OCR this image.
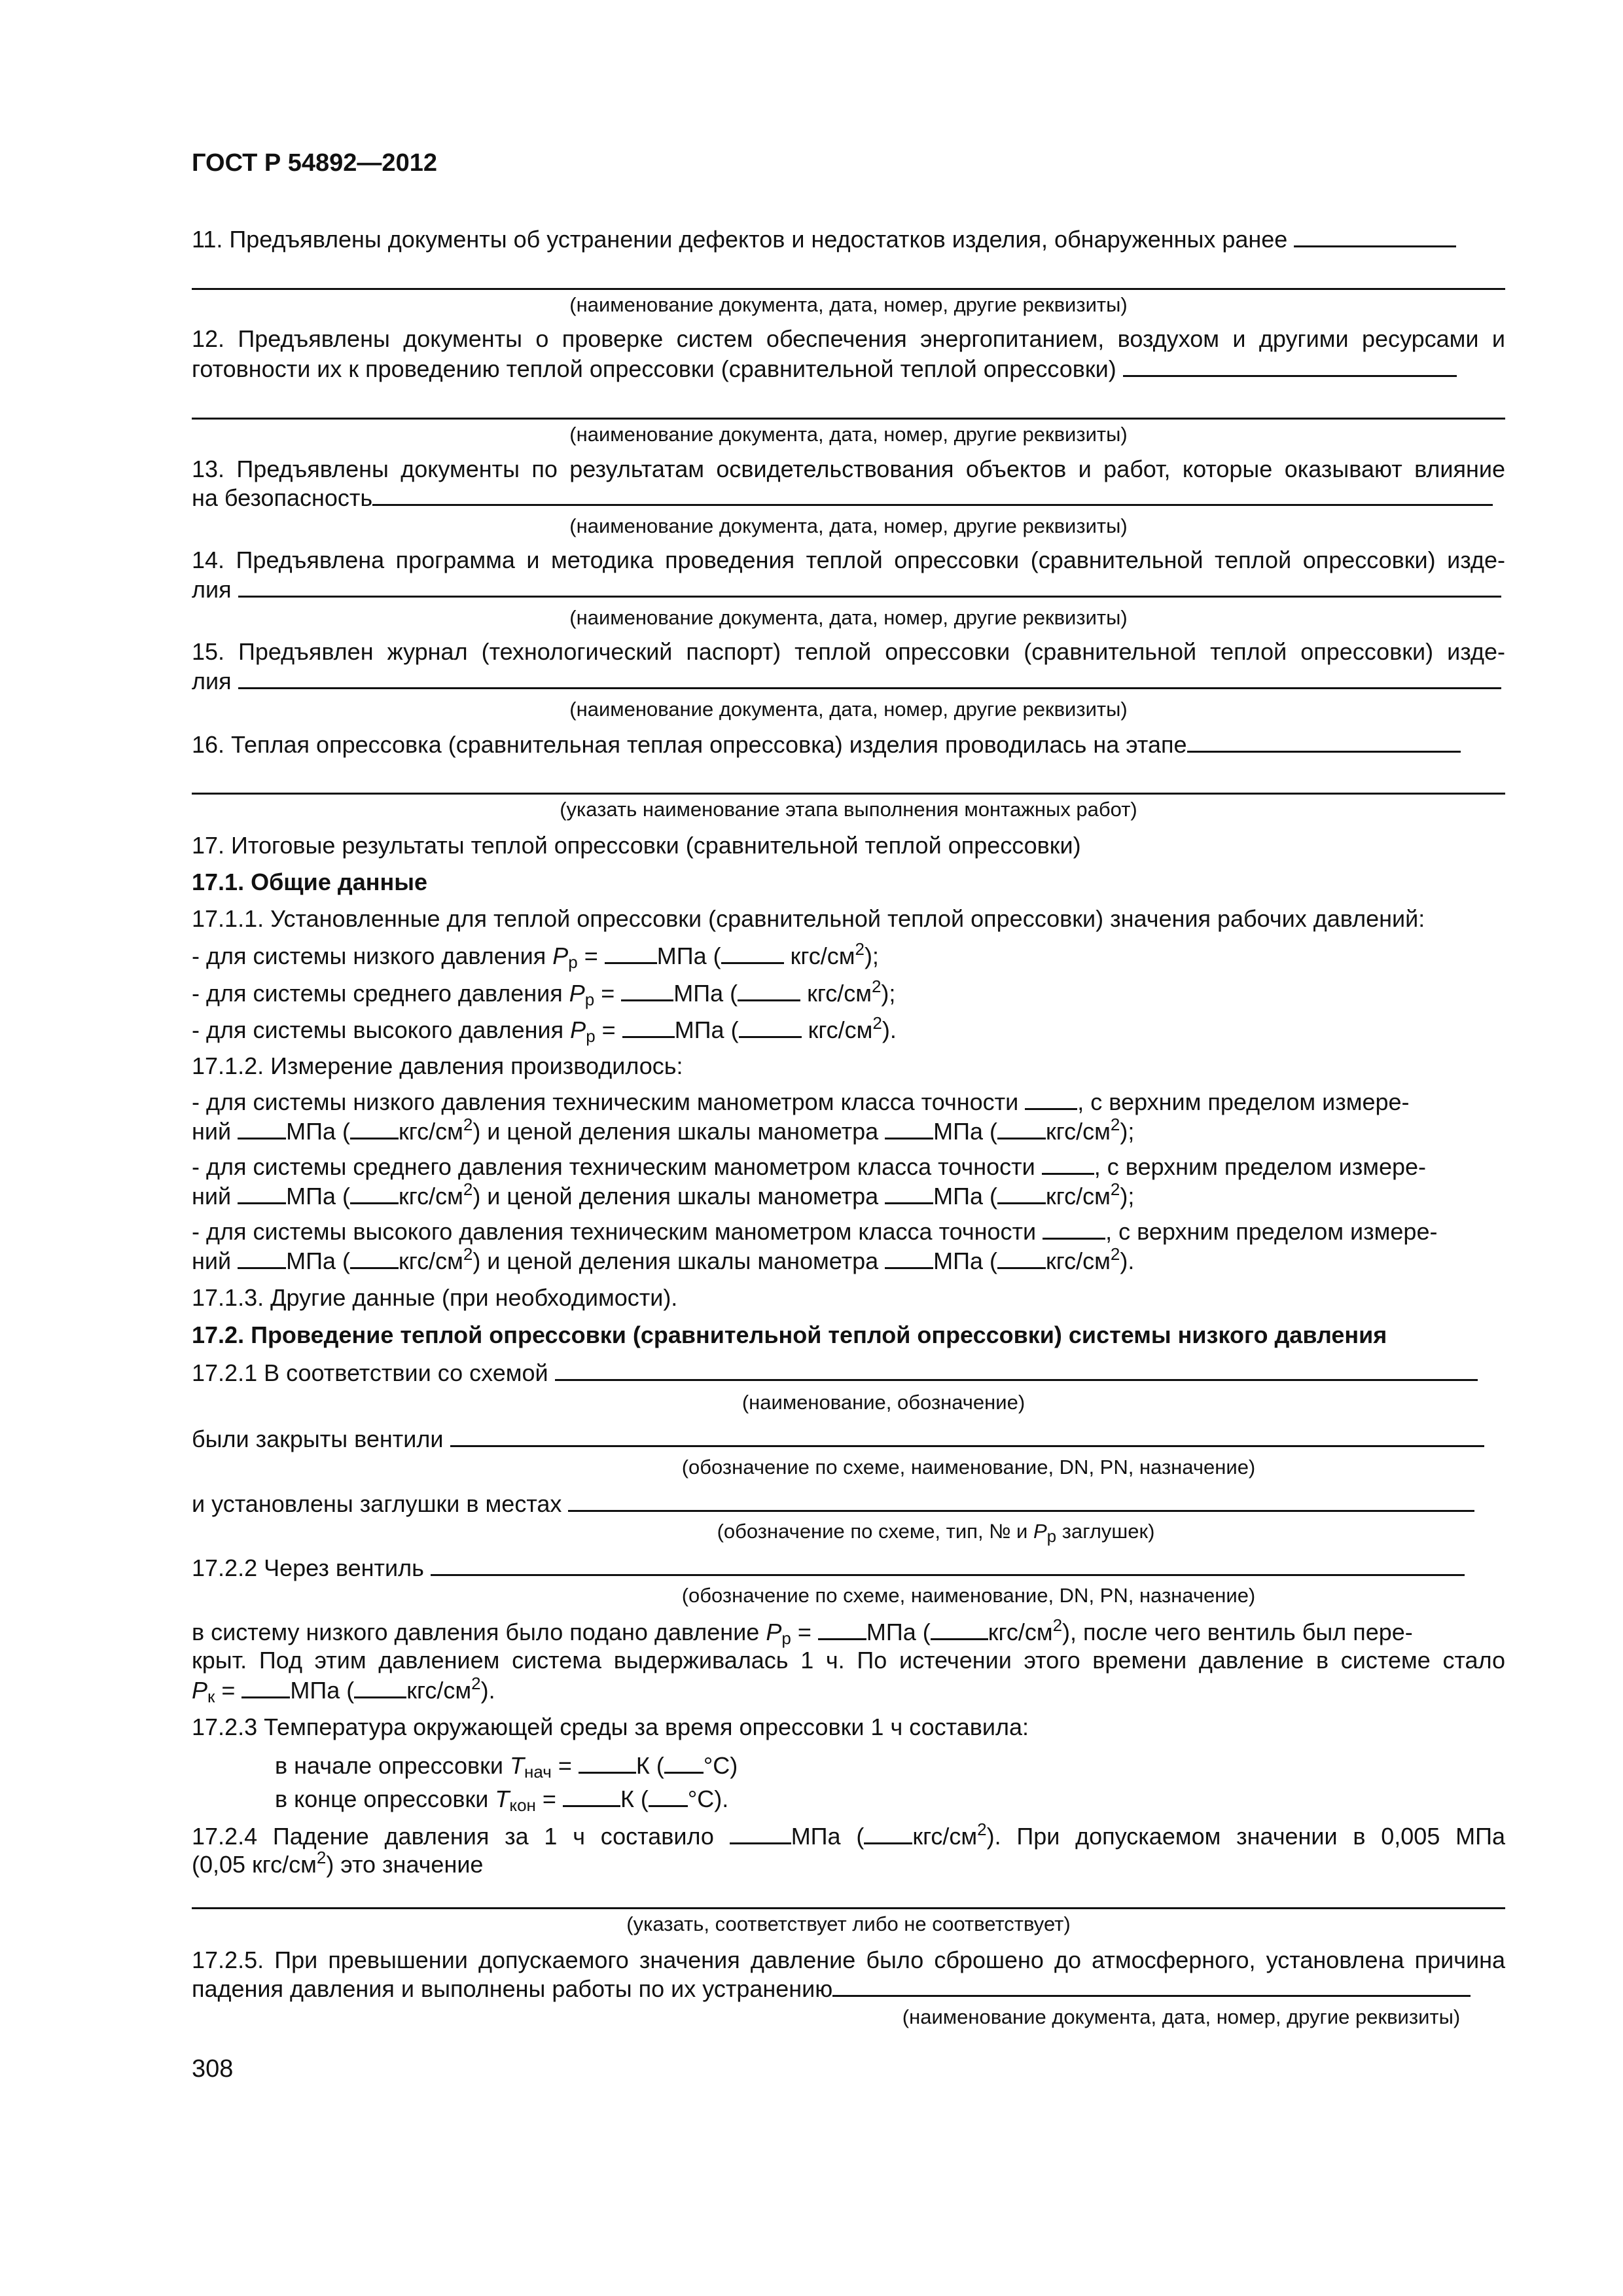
ГОСТ Р 54892—2012
11. Предъявлены документы об устранении дефектов и недостатков изделия, обнаруженных ранее
(наименование документа, дата, номер, другие реквизиты)
12. Предъявлены документы о проверке систем обеспечения энергопитанием, воздухом и другими ресурсами и
готовности их к проведению теплой опрессовки (сравнительной теплой опрессовки)
(наименование документа, дата, номер, другие реквизиты)
13. Предъявлены документы по результатам освидетельствования объектов и работ, которые оказывают влияние
на безопасность
(наименование документа, дата, номер, другие реквизиты)
14. Предъявлена программа и методика проведения теплой опрессовки (сравнительной теплой опрессовки) изде-
лия
(наименование документа, дата, номер, другие реквизиты)
15. Предъявлен журнал (технологический паспорт) теплой опрессовки (сравнительной теплой опрессовки) изде-
лия
(наименование документа, дата, номер, другие реквизиты)
16. Теплая опрессовка (сравнительная теплая опрессовка) изделия проводилась на этапе
(указать наименование этапа выполнения монтажных работ)
17. Итоговые результаты теплой опрессовки (сравнительной теплой опрессовки)
17.1. Общие данные
17.1.1. Установленные для теплой опрессовки (сравнительной теплой опрессовки) значения рабочих давлений:
- для системы низкого давления $P_р$ = МПа (	кгс/$см^2$);
- для системы среднего давления $P_р$ = МПа (	кгс/$см^2$);
- для системы высокого давления $P_р$ = МПа (	кгс/$см^2$).
17.1.2. Измерение давления производилось:
- для системы низкого давления техническим манометром класса точности	, с верхним пределом измере-
ний МПа ( кгс/$см^2$) и ценой деления шкалы манометра МПа ( кгс/$см^2$);
- для системы среднего давления техническим манометром класса точности	, с верхним пределом измере-
ний МПа ( кгс/$см^2$) и ценой деления шкалы манометра МПа ( кгс/$см^2$);
- для системы высокого давления техническим манометром класса точности	, с верхним пределом измере-
ний МПа ( кгс/$см^2$) и ценой деления шкалы манометра МПа ( кгс/$см^2$).
17.1.3. Другие данные (при необходимости).
17.2. Проведение теплой опрессовки (сравнительной теплой опрессовки) системы низкого давления
17.2.1 В соответствии со схемой
(наименование, обозначение)
были закрыты вентили
(обозначение по схеме, наименование, DN, PN, назначение)
и установлены заглушки в местах
(обозначение по схеме, тип, № и $P_р$ заглушек)
17.2.2 Через вентиль
(обозначение по схеме, наименование, DN, PN, назначение)
в систему низкого давления было подано давление $P_р$ = МПа ( кгс/$см^2$), после чего вентиль был пере-
крыт. Под этим давлением система выдерживалась 1 ч. По истечении этого времени давление в системе стало
$P_к$ = МПа ( кгс/$см^2$).
17.2.3 Температура окружающей среды за время опрессовки 1 ч составила:
в начале опрессовки $T_{нач} = К$ ( °С)
в конце опрессовки $T_{кон} = К$ ( °С).
17.2.4 Падение давления за 1 ч составило	МПа ( кгс/$см^2$). При допускаемом значении в 0,005 МПа
(0,05 кгс/$см^2$) это значение
(указать, соответствует либо не соответствует)
17.2.5. При превышении допускаемого значения давление было сброшено до атмосферного, установлена причина
падения давления и выполнены работы по их устранению
(наименование документа, дата, номер, другие реквизиты)
308
